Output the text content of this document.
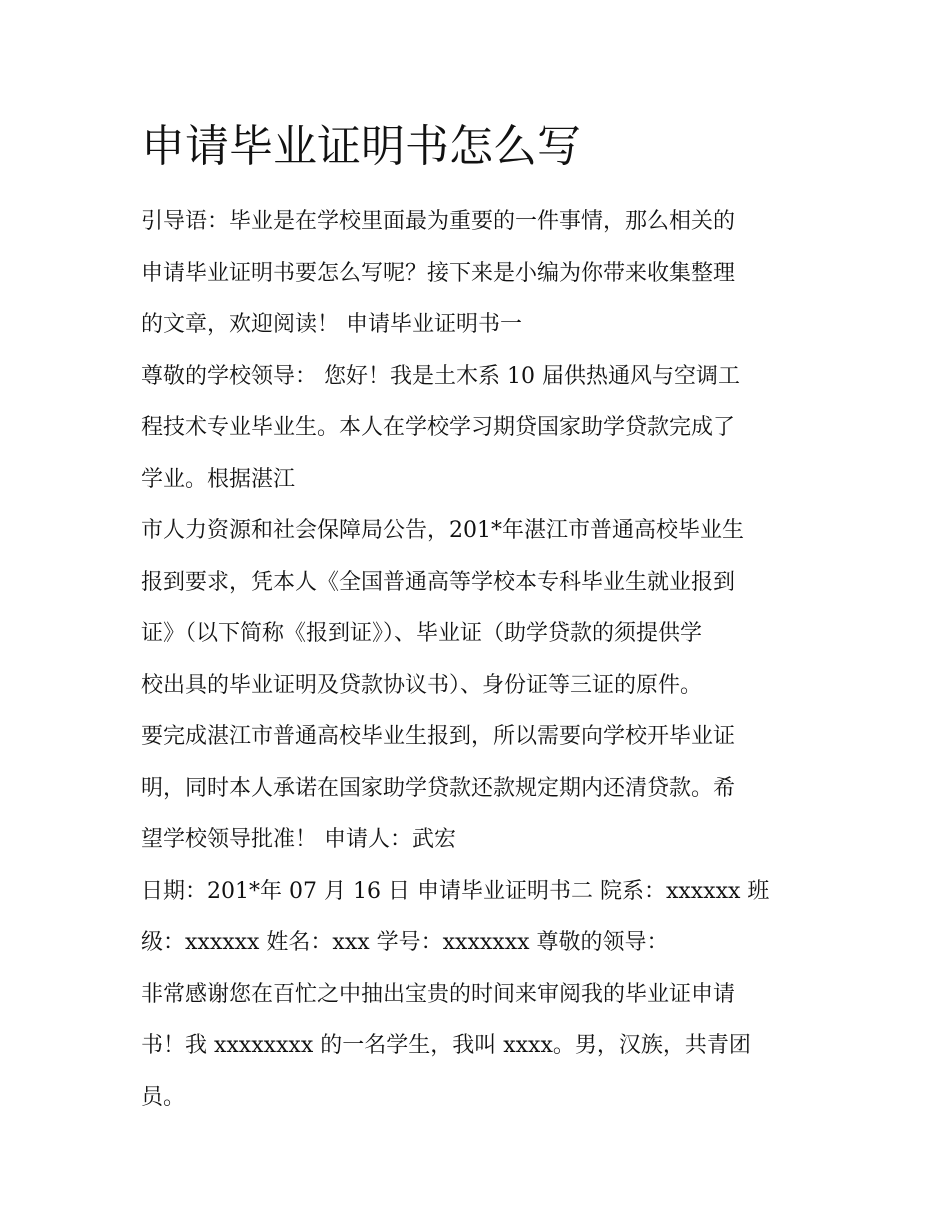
申请毕业证明书怎么写

引导语：毕业是在学校里面最为重要的一件事情，那么相关的

申请毕业证明书要怎么写呢？接下来是小编为你带来收集整理

的文章，欢迎阅读！ 申请毕业证明书一

尊敬的学校领导： 您好！我是土木系 10 届供热通风与空调工

程技术专业毕业生。本人在学校学习期贷国家助学贷款完成了

学业。根据湛江

市人力资源和社会保障局公告，201*年湛江市普通高校毕业生

报到要求，凭本人《全国普通高等学校本专科毕业生就业报到

证》（以下简称《报到证》）、毕业证（助学贷款的须提供学

校出具的毕业证明及贷款协议书）、身份证等三证的原件。

要完成湛江市普通高校毕业生报到，所以需要向学校开毕业证

明，同时本人承诺在国家助学贷款还款规定期内还清贷款。希

望学校领导批准！ 申请人：武宏

日期：201*年 07 月 16 日 申请毕业证明书二 院系：xxxxxx 班

级：xxxxxx 姓名：xxx 学号：xxxxxxx 尊敬的领导：

非常感谢您在百忙之中抽出宝贵的时间来审阅我的毕业证申请

书！我 xxxxxxxx 的一名学生，我叫 xxxx。男，汉族，共青团

员。
